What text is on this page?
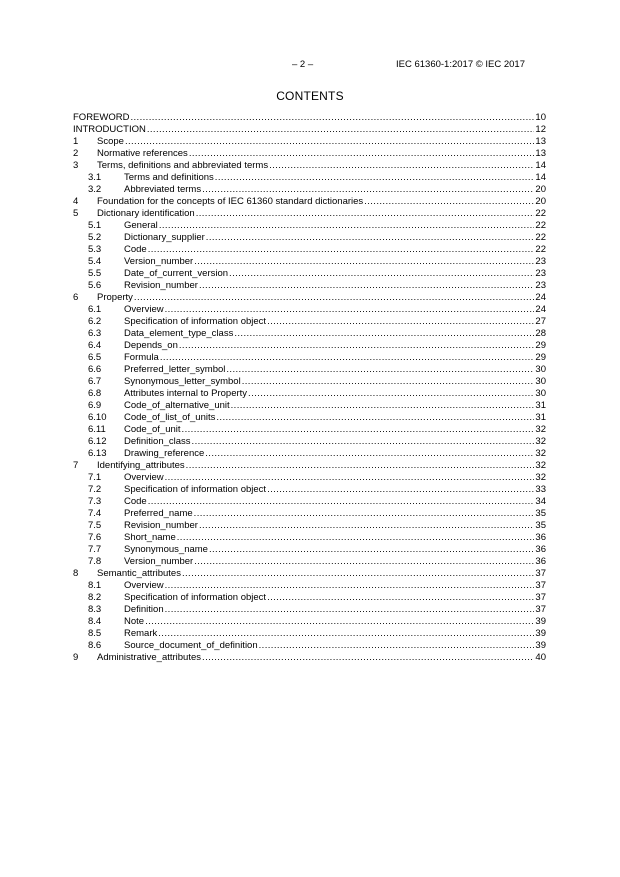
– 2 –	IEC 61360-1:2017 © IEC 2017
CONTENTS
FOREWORD .....	10
INTRODUCTION .....	12
1	Scope .....	13
2	Normative references .....	13
3	Terms, definitions and abbreviated terms .....	14
3.1	Terms and definitions .....	14
3.2	Abbreviated terms .....	20
4	Foundation for the concepts of IEC 61360 standard dictionaries .....	20
5	Dictionary identification .....	22
5.1	General .....	22
5.2	Dictionary_supplier .....	22
5.3	Code .....	22
5.4	Version_number .....	23
5.5	Date_of_current_version .....	23
5.6	Revision_number .....	23
6	Property .....	24
6.1	Overview .....	24
6.2	Specification of information object .....	27
6.3	Data_element_type_class .....	28
6.4	Depends_on .....	29
6.5	Formula .....	29
6.6	Preferred_letter_symbol .....	30
6.7	Synonymous_letter_symbol .....	30
6.8	Attributes internal to Property .....	30
6.9	Code_of_alternative_unit .....	31
6.10	Code_of_list_of_units .....	31
6.11	Code_of_unit .....	32
6.12	Definition_class .....	32
6.13	Drawing_reference .....	32
7	Identifying_attributes .....	32
7.1	Overview .....	32
7.2	Specification of information object .....	33
7.3	Code .....	34
7.4	Preferred_name .....	35
7.5	Revision_number .....	35
7.6	Short_name .....	36
7.7	Synonymous_name .....	36
7.8	Version_number .....	36
8	Semantic_attributes .....	37
8.1	Overview .....	37
8.2	Specification of information object .....	37
8.3	Definition .....	37
8.4	Note .....	39
8.5	Remark .....	39
8.6	Source_document_of_definition .....	39
9	Administrative_attributes .....	40
